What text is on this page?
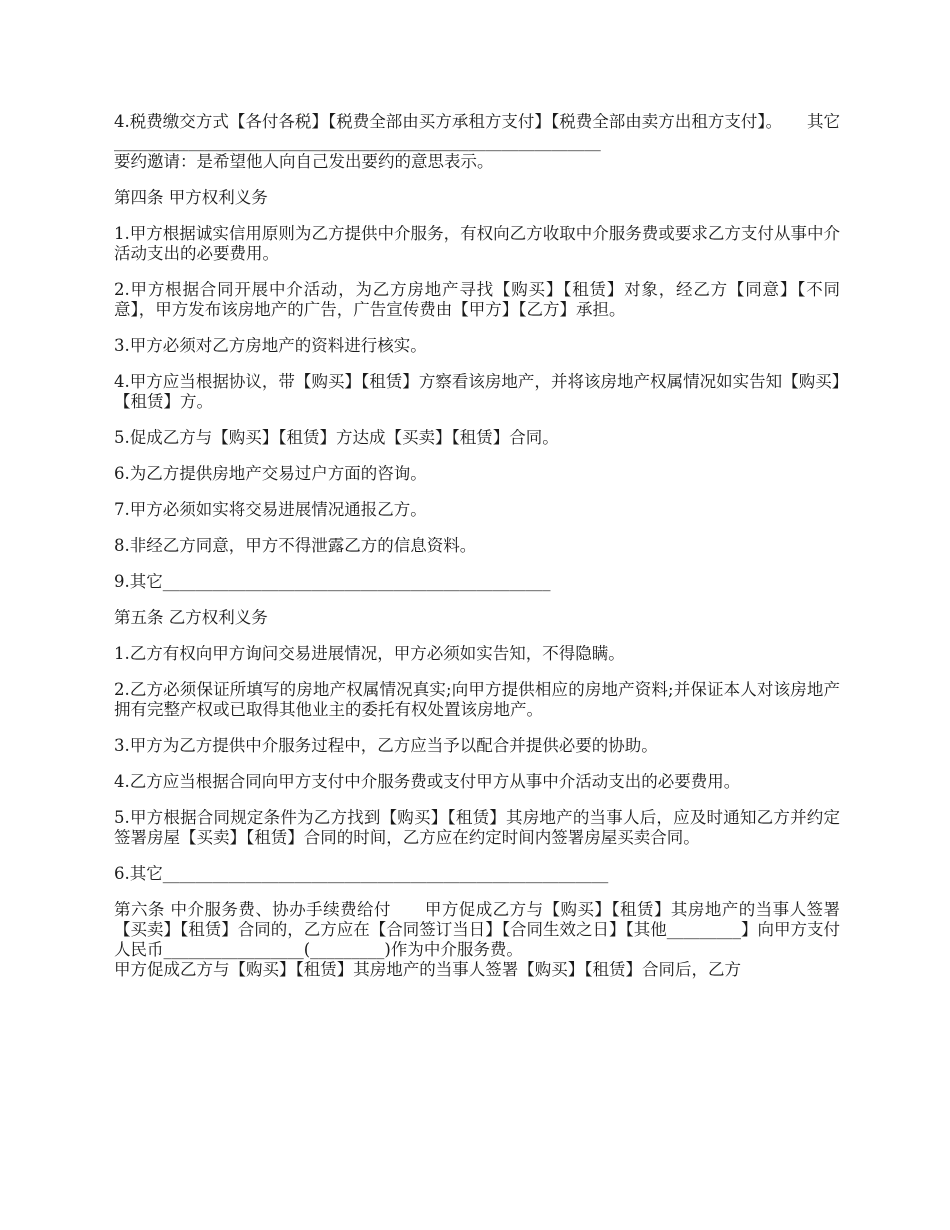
4.税费缴交方式【各付各税】【税费全部由买方承租方支付】【税费全部由卖方出租方支付】。　　其它___________________________________________________________

要约邀请：是希望他人向自己发出要约的意思表示。

第四条 甲方权利义务

1.甲方根据诚实信用原则为乙方提供中介服务，有权向乙方收取中介服务费或要求乙方支付从事中介活动支出的必要费用。

2.甲方根据合同开展中介活动，为乙方房地产寻找【购买】【租赁】对象，经乙方【同意】【不同意】，甲方发布该房地产的广告，广告宣传费由【甲方】【乙方】承担。

3.甲方必须对乙方房地产的资料进行核实。

4.甲方应当根据协议，带【购买】【租赁】方察看该房地产，并将该房地产权属情况如实告知【购买】【租赁】方。

5.促成乙方与【购买】【租赁】方达成【买卖】【租赁】合同。

6.为乙方提供房地产交易过户方面的咨询。

7.甲方必须如实将交易进展情况通报乙方。

8.非经乙方同意，甲方不得泄露乙方的信息资料。

9.其它_______________________________________________

第五条 乙方权利义务

1.乙方有权向甲方询问交易进展情况，甲方必须如实告知，不得隐瞒。

2.乙方必须保证所填写的房地产权属情况真实;向甲方提供相应的房地产资料;并保证本人对该房地产拥有完整产权或已取得其他业主的委托有权处置该房地产。

3.甲方为乙方提供中介服务过程中，乙方应当予以配合并提供必要的协助。

4.乙方应当根据合同向甲方支付中介服务费或支付甲方从事中介活动支出的必要费用。

5.甲方根据合同规定条件为乙方找到【购买】【租赁】其房地产的当事人后，应及时通知乙方并约定签署房屋【买卖】【租赁】合同的时间，乙方应在约定时间内签署房屋买卖合同。

6.其它______________________________________________________

第六条 中介服务费、协办手续费给付　　甲方促成乙方与【购买】【租赁】其房地产的当事人签署【买卖】【租赁】合同的，乙方应在【合同签订当日】【合同生效之日】【其他_________】向甲方支付人民币_________________(_________)作为中介服务费。

甲方促成乙方与【购买】【租赁】其房地产的当事人签署【购买】【租赁】合同后，乙方
